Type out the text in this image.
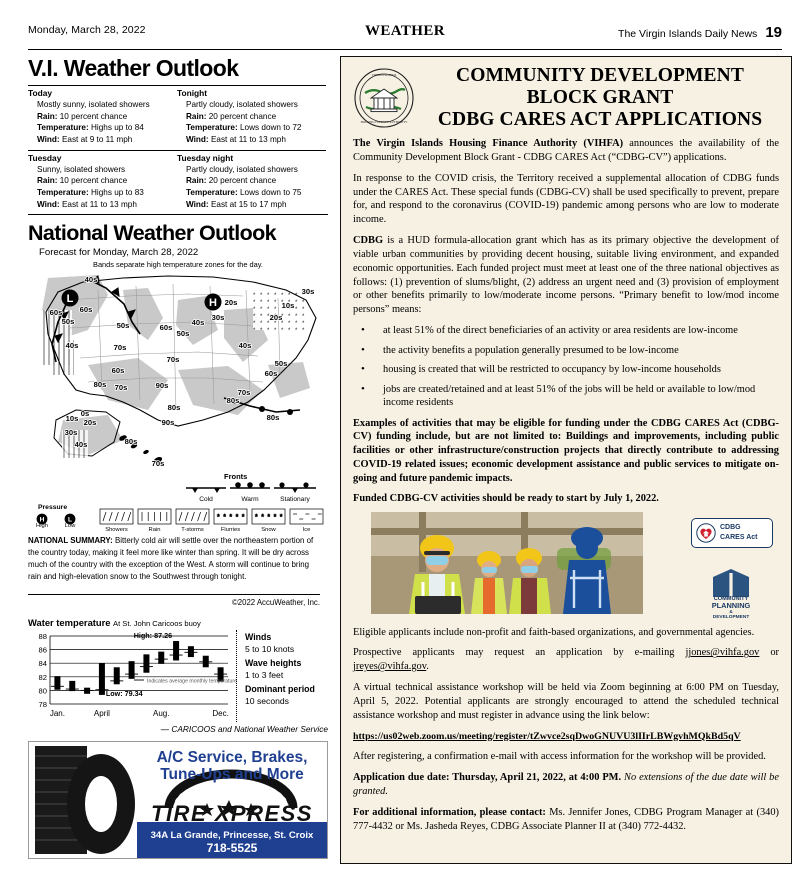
Monday, March 28, 2022	WEATHER	The Virgin Islands Daily News 19
V.I. Weather Outlook
Today
Mostly sunny, isolated showers
Rain: 10 percent chance
Temperature: Highs up to 84
Wind: East at 9 to 11 mph

Tonight
Partly cloudy, isolated showers
Rain: 20 percent chance
Temperature: Lows down to 72
Wind: East at 11 to 13 mph

Tuesday
Sunny, isolated showers
Rain: 10 percent chance
Temperature: Highs up to 83
Wind: East at 11 to 13 mph

Tuesday night
Partly cloudy, isolated showers
Rain: 20 percent chance
Temperature: Lows down to 75
Wind: East at 15 to 17 mph
National Weather Outlook
Forecast for Monday, March 28, 2022
Bands separate high temperature zones for the day.
L	H
40s
60s 60s
50s
40s
50s	60s
50s
40s
30s
20s
30s
10s
20s
40s
50s
60s
70s
70s
60s
80s 70s	90s
80s
90s
70s
80s
80s
0s
10s 20s
30s
40s	80s
70s
Fronts
Cold	Warm	Stationary
Pressure
H
High
L
Low
Showers	Rain	T-storms
* * * * *
Flurries
* * * * *
Snow	Ice
NATIONAL SUMMARY: Bitterly cold air will settle over the northeastern portion of the country today, making it feel more like winter than spring. It will be dry across much of the country with the exception of the West. A storm will continue to bring rain and high-elevation snow to the Southwest through tonight.
©2022 AccuWeather, Inc.
Water temperature At St. John Caricoos buoy
78
80
82
84
86
88
Jan.	April	Aug.	Dec.
High: 87.26
Low: 79.34
Indicates average monthly temperature
Winds
5 to 10 knots
Wave heights
1 to 3 feet
Dominant period
10 seconds
— CARICOOS and National Weather Service
A/C Service, Brakes,
Tune-Ups and More
TIRE XPRESS
34A La Grande, Princesse, St. Croix
718-5525
VIRGIN ISLANDS
HOUSING FINANCE AUTHORITY
COMMUNITY DEVELOPMENT
BLOCK GRANT
CDBG CARES ACT APPLICATIONS

The Virgin Islands Housing Finance Authority (VIHFA) announces the availability of the Community Development Block Grant - CDBG CARES Act (“CDBG-CV”) applications.

In response to the COVID crisis, the Territory received a supplemental allocation of CDBG funds under the CARES Act. These special funds (CDBG-CV) shall be used specifically to prevent, prepare for, and respond to the coronavirus (COVID-19) pandemic among persons who are low to moderate income.

CDBG is a HUD formula-allocation grant which has as its primary objective the development of viable urban communities by providing decent housing, suitable living environment, and expanded economic opportunities. Each funded project must meet at least one of the three national objectives as follows: (1) prevention of slums/blight, (2) address an urgent need and (3) provision of employment or other benefits primarily to low/moderate income persons. “Primary benefit to low/mod income persons” means:

• at least 51% of the direct beneficiaries of an activity or area residents are low-income
• the activity benefits a population generally presumed to be low-income
• housing is created that will be restricted to occupancy by low-income households
• jobs are created/retained and at least 51% of the jobs will be held or available to low/mod income residents

Examples of activities that may be eligible for funding under the CDBG CARES Act (CDBG-CV) funding include, but are not limited to: Buildings and improvements, including public facilities or other infrastructure/construction projects that directly contribute to addressing COVID-19 related issues; economic development assistance and public services to mitigate on-going and future pandemic impacts.

Funded CDBG-CV activities should be ready to start by July 1, 2022.

CDBG
CARES Act
COMMUNITY
PLANNING
&
DEVELOPMENT

Eligible applicants include non-profit and faith-based organizations, and governmental agencies.

Prospective applicants may request an application by e-mailing jjones@vihfa.gov or jreyes@vihfa.gov.

A virtual technical assistance workshop will be held via Zoom beginning at 6:00 PM on Tuesday, April 5, 2022. Potential applicants are strongly encouraged to attend the scheduled technical assistance workshop and must register in advance using the link below:

https://us02web.zoom.us/meeting/register/tZwvce2sqDwoGNUVU3lIIrLBWgvhMQkBd5qV

After registering, a confirmation e-mail with access information for the workshop will be provided.

Application due date: Thursday, April 21, 2022, at 4:00 PM. No extensions of the due date will be granted.

For additional information, please contact: Ms. Jennifer Jones, CDBG Program Manager at (340) 777-4432 or Ms. Jasheda Reyes, CDBG Associate Planner II at (340) 772-4432.
